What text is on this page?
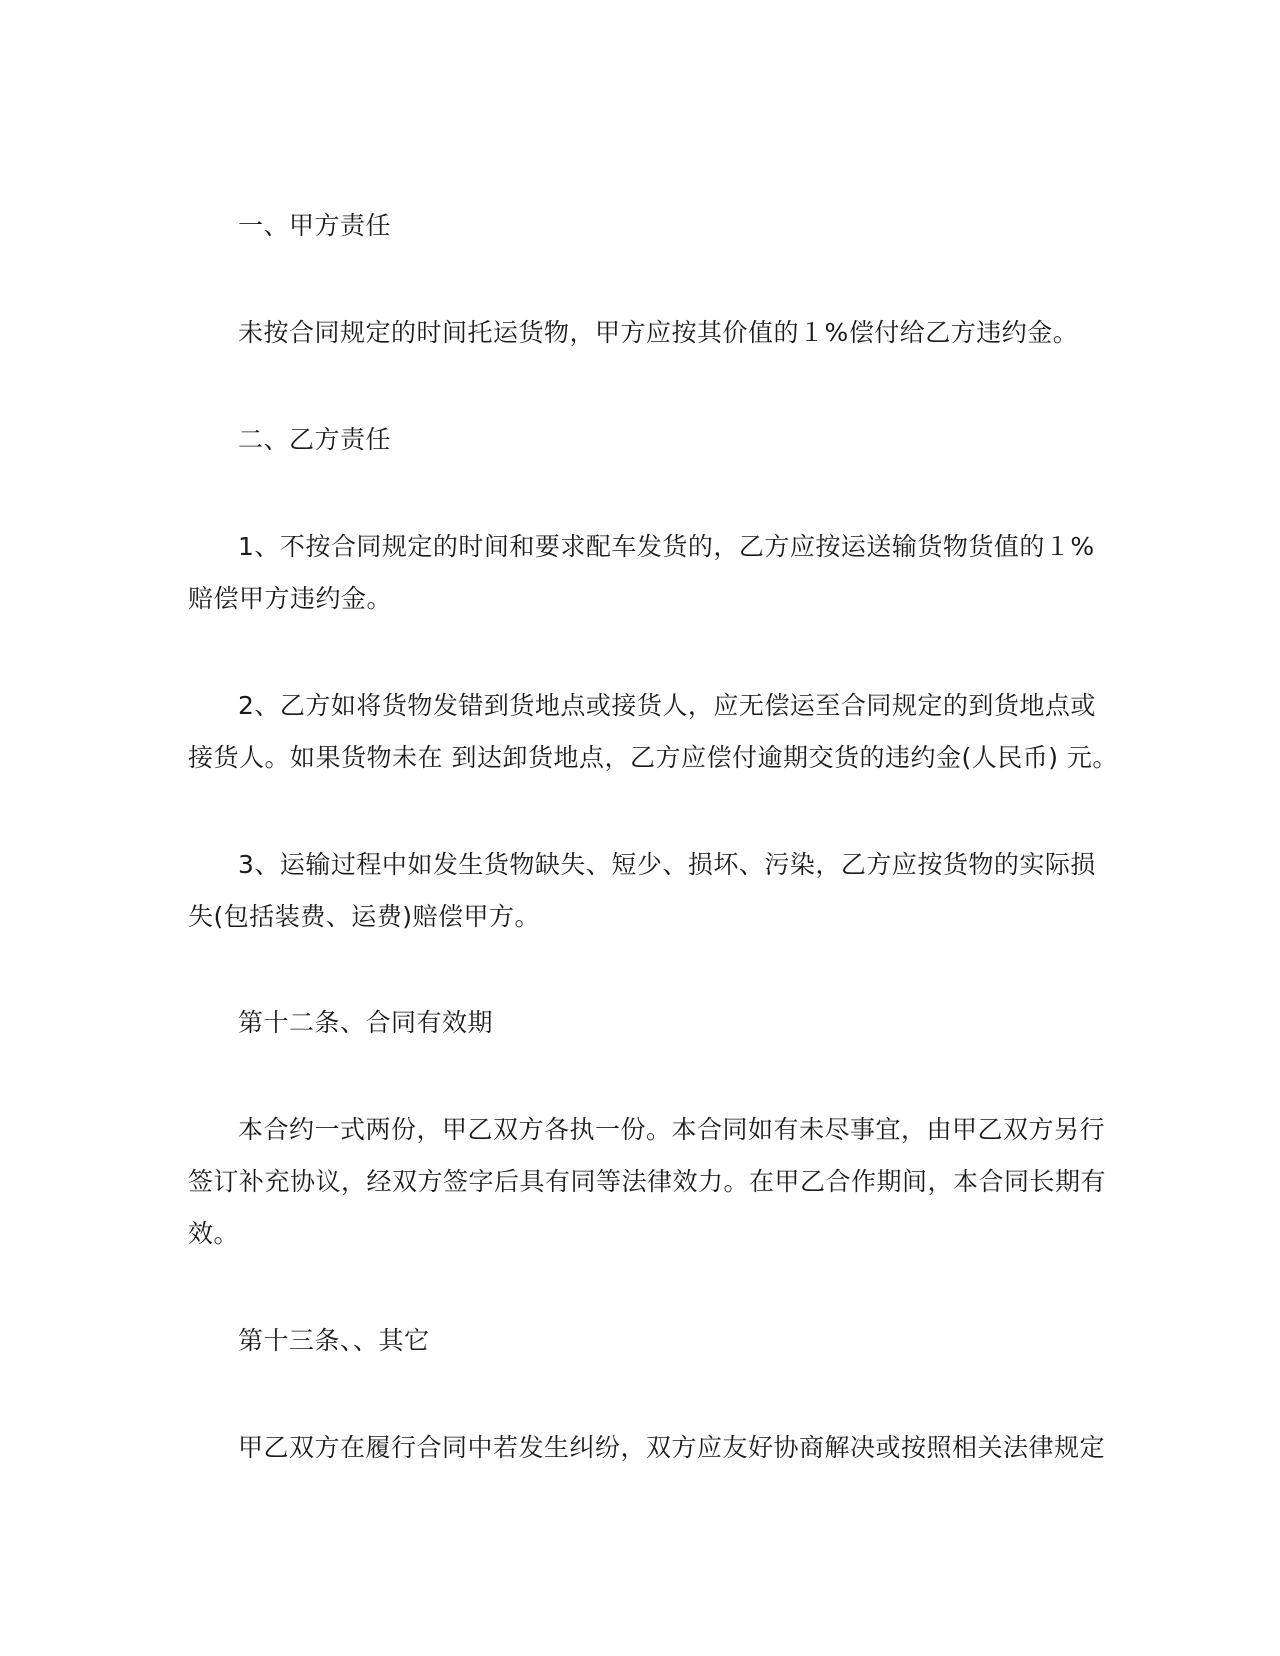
一、甲方责任
未按合同规定的时间托运货物，甲方应按其价值的１%偿付给乙方违约金。
二、乙方责任
1、不按合同规定的时间和要求配车发货的，乙方应按运送输货物货值的１%
赔偿甲方违约金。
2、乙方如将货物发错到货地点或接货人，应无偿运至合同规定的到货地点或
接货人。如果货物未在 到达卸货地点，乙方应偿付逾期交货的违约金(人民币) 元。
3、运输过程中如发生货物缺失、短少、损坏、污染，乙方应按货物的实际损
失(包括装费、运费)赔偿甲方。
第十二条、合同有效期
本合约一式两份，甲乙双方各执一份。本合同如有未尽事宜，由甲乙双方另行
签订补充协议，经双方签字后具有同等法律效力。在甲乙合作期间，本合同长期有
效。
第十三条、、其它
甲乙双方在履行合同中若发生纠纷，双方应友好协商解决或按照相关法律规定
